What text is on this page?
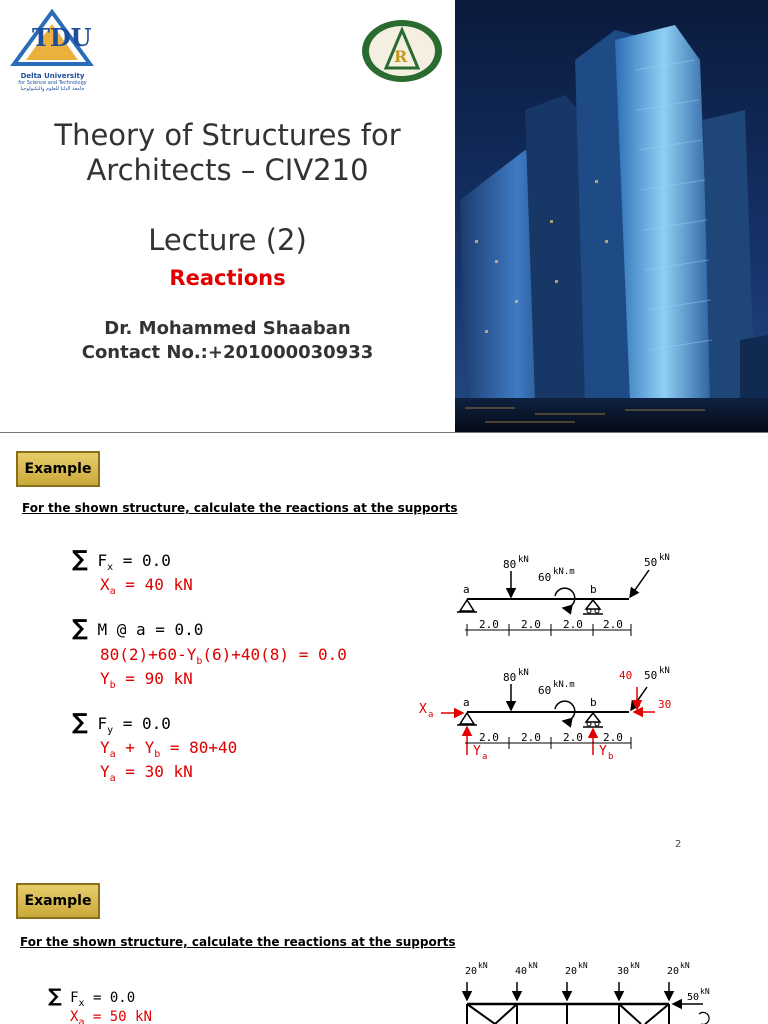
TDU
Delta University
for Science and Technology
جامعة الدلتا للعلوم والتكنولوجيا
R
Theory of Structures for
Architects – CIV210
Lecture (2)
Reactions
Dr. Mohammed Shaaban
Contact No.:+201000030933
Example
For the shown structure, calculate the reactions at the supports
∑ $F_x = 0.0$
$X_a = 40$ kN
∑ M @ a = 0.0
$80(2)+60-Y_b(6)+40(8) = 0.0$
$Y_b = 90$ kN
∑ $F_y = 0.0$
$Y_a + Y_b = 80+40$
$Y_a = 30$ kN
2
80 kN
60 kN.m
50 kN
a	b
2.0 2.0 2.0 2.0
80 kN
60 kN.m
50 kN
40
30
a	b
X a
Y a	Y b
2.0 2.0 2.0 2.0
Example
For the shown structure, calculate the reactions at the supports
∑ $F_x = 0.0$
$X_a = 50$ kN
20
kN
40
kN
20
kN
30
kN
20
kN
50
kN
